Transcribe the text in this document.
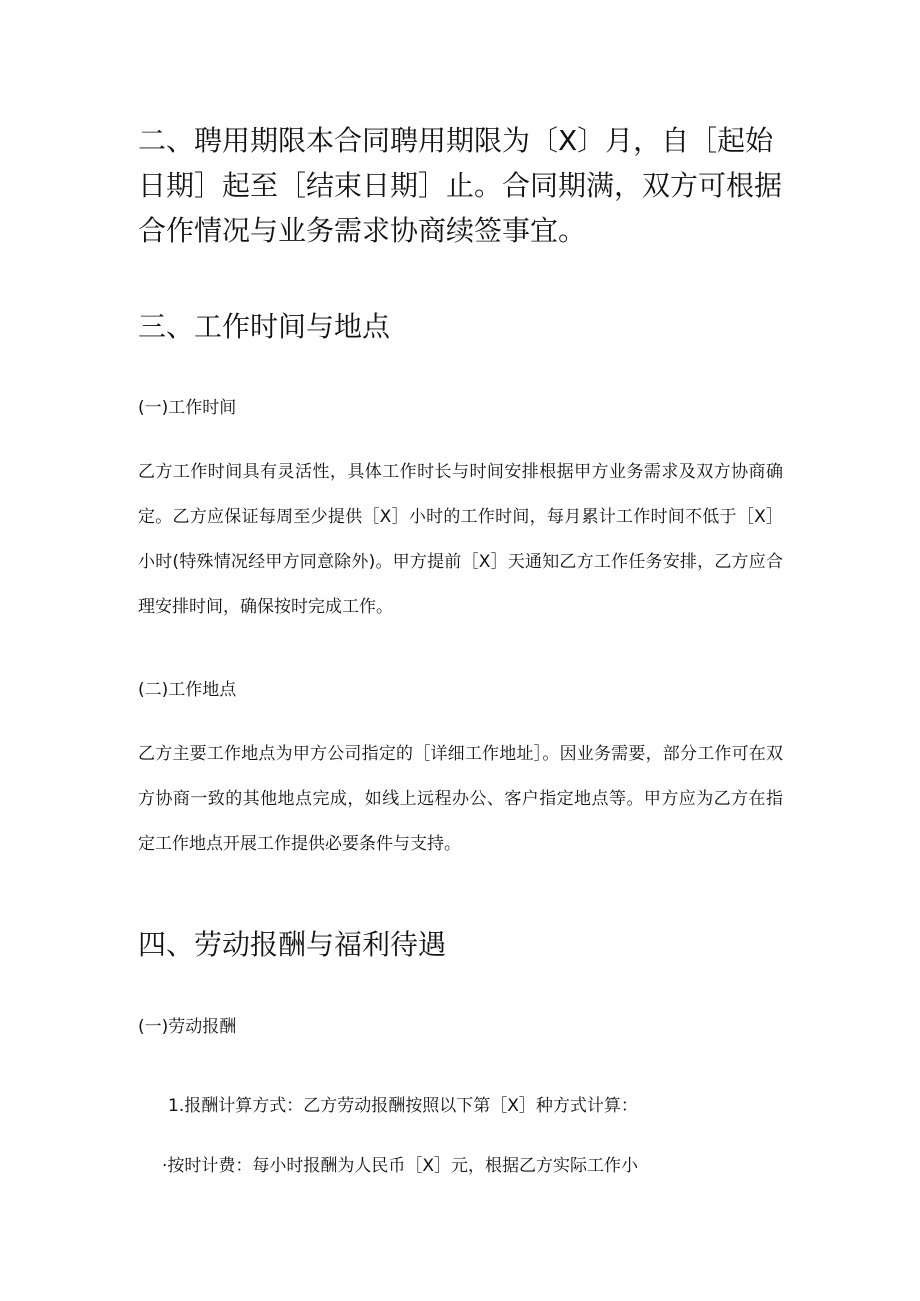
二、聘用期限本合同聘用期限为〔X〕月，自［起始日期］起至［结束日期］止。合同期满，双方可根据合作情况与业务需求协商续签事宜。

三、工作时间与地点

(一)工作时间

乙方工作时间具有灵活性，具体工作时长与时间安排根据甲方业务需求及双方协商确定。乙方应保证每周至少提供［X］小时的工作时间，每月累计工作时间不低于［X］小时(特殊情况经甲方同意除外)。甲方提前［X］天通知乙方工作任务安排，乙方应合理安排时间，确保按时完成工作。

(二)工作地点

乙方主要工作地点为甲方公司指定的［详细工作地址］。因业务需要，部分工作可在双方协商一致的其他地点完成，如线上远程办公、客户指定地点等。甲方应为乙方在指定工作地点开展工作提供必要条件与支持。

四、劳动报酬与福利待遇

(一)劳动报酬

1.报酬计算方式：乙方劳动报酬按照以下第［X］种方式计算：

·按时计费：每小时报酬为人民币［X］元，根据乙方实际工作小
